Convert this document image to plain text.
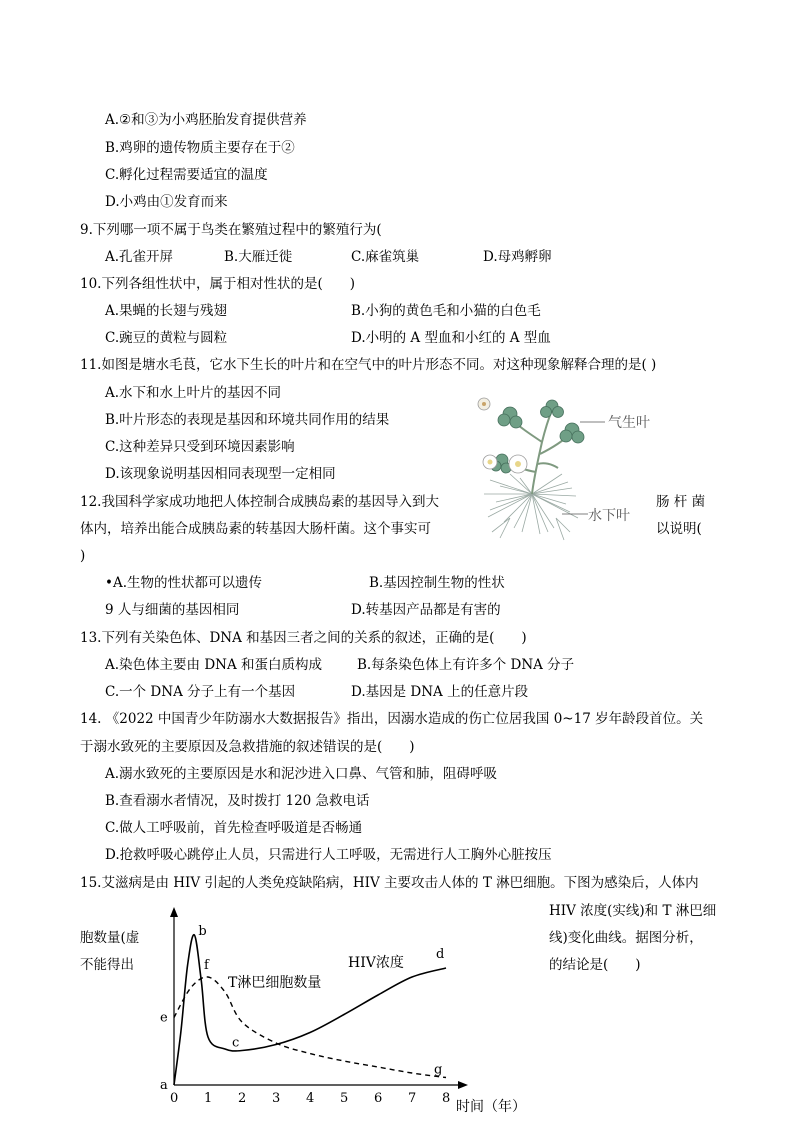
A.②和③为小鸡胚胎发育提供营养
B.鸡卵的遗传物质主要存在于②
C.孵化过程需要适宜的温度
D.小鸡由①发育而来
9.下列哪一项不属于鸟类在繁殖过程中的繁殖行为(
A.孔雀开屏	B.大雁迁徙	C.麻雀筑巢	D.母鸡孵卵
10.下列各组性状中，属于相对性状的是(　　)
A.果蝇的长翅与残翅	B.小狗的黄色毛和小猫的白色毛
C.豌豆的黄粒与圆粒	D.小明的 A 型血和小红的 A 型血
11.如图是塘水毛茛，它水下生长的叶片和在空气中的叶片形态不同。对这种现象解释合理的是( )
A.水下和水上叶片的基因不同
B.叶片形态的表现是基因和环境共同作用的结果
C.这种差异只受到环境因素影响
D.该现象说明基因相同表现型一定相同
气生叶
水下叶
12.我国科学家成功地把人体控制合成胰岛素的基因导入到大	肠 杆 菌
体内，培养出能合成胰岛素的转基因大肠杆菌。这个事实可	以说明(
)
•A.生物的性状都可以遗传	B.基因控制生物的性状
9 人与细菌的基因相同	D.转基因产品都是有害的
13.下列有关染色体、DNA 和基因三者之间的关系的叙述，正确的是(　　)
A.染色体主要由 DNA 和蛋白质构成	B.每条染色体上有许多个 DNA 分子
C.一个 DNA 分子上有一个基因	D.基因是 DNA 上的任意片段
14. 《2022 中国青少年防溺水大数据报告》指出，因溺水造成的伤亡位居我国 0~17 岁年龄段首位。关
于溺水致死的主要原因及急救措施的叙述错误的是(　　)
A.溺水致死的主要原因是水和泥沙进入口鼻、气管和肺，阻碍呼吸
B.查看溺水者情况，及时拨打 120 急救电话
C.做人工呼吸前，首先检查呼吸道是否畅通
D.抢救呼吸心跳停止人员，只需进行人工呼吸，无需进行人工胸外心脏按压
15.艾滋病是由 HIV 引起的人类免疫缺陷病，HIV 主要攻击人体的 T 淋巴细胞。下图为感染后，人体内
HIV 浓度(实线)和 T 淋巴细
胞数量(虚	线)变化曲线。据图分析，
不能得出	的结论是(　　)
0 1 2 3 4 5 6 7 8
a
b
c
d
e
f
g
HIV浓度
T淋巴细胞数量
时间（年）
